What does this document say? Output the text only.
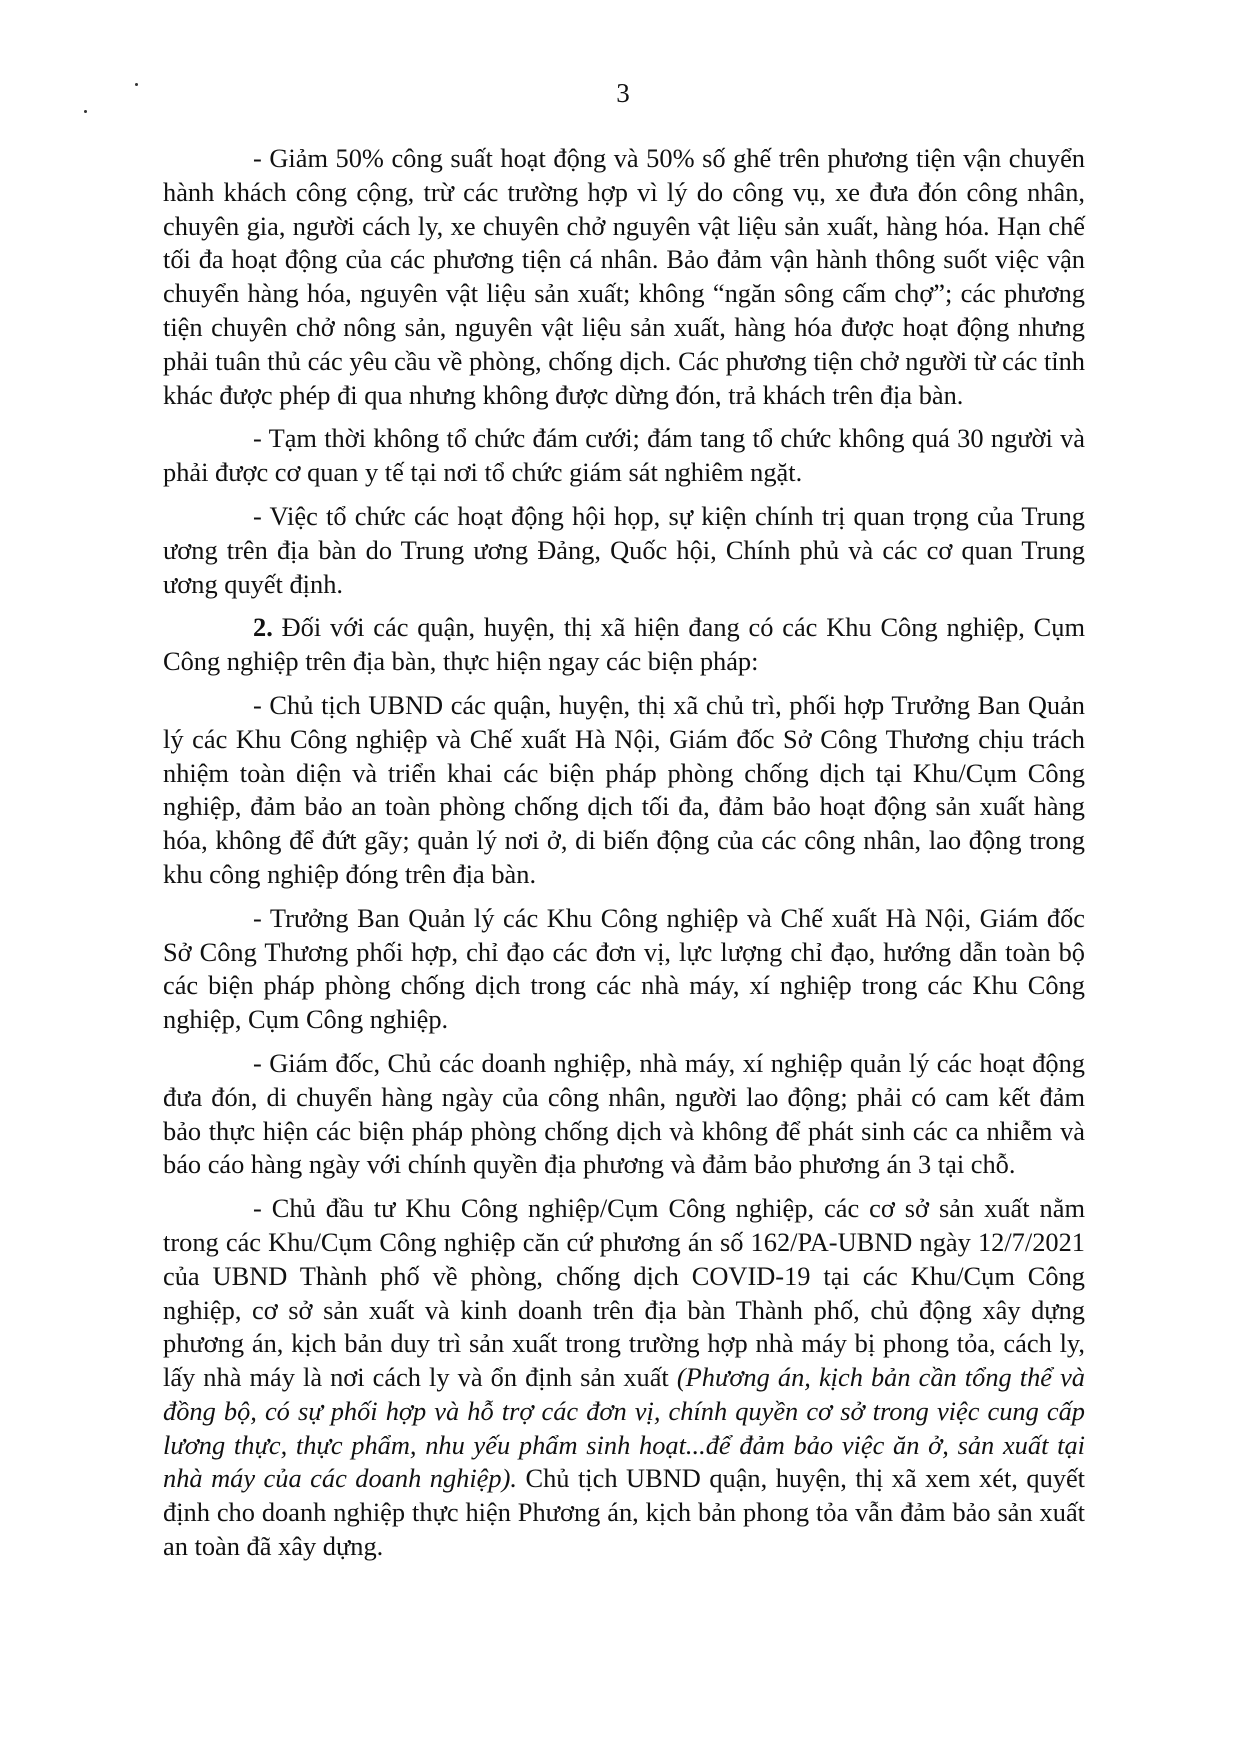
3

- Giảm 50% công suất hoạt động và 50% số ghế trên phương tiện vận chuyển hành khách công cộng, trừ các trường hợp vì lý do công vụ, xe đưa đón công nhân, chuyên gia, người cách ly, xe chuyên chở nguyên vật liệu sản xuất, hàng hóa. Hạn chế tối đa hoạt động của các phương tiện cá nhân. Bảo đảm vận hành thông suốt việc vận chuyển hàng hóa, nguyên vật liệu sản xuất; không “ngăn sông cấm chợ”; các phương tiện chuyên chở nông sản, nguyên vật liệu sản xuất, hàng hóa được hoạt động nhưng phải tuân thủ các yêu cầu về phòng, chống dịch. Các phương tiện chở người từ các tỉnh khác được phép đi qua nhưng không được dừng đón, trả khách trên địa bàn.

- Tạm thời không tổ chức đám cưới; đám tang tổ chức không quá 30 người và phải được cơ quan y tế tại nơi tổ chức giám sát nghiêm ngặt.

- Việc tổ chức các hoạt động hội họp, sự kiện chính trị quan trọng của Trung ương trên địa bàn do Trung ương Đảng, Quốc hội, Chính phủ và các cơ quan Trung ương quyết định.

2. Đối với các quận, huyện, thị xã hiện đang có các Khu Công nghiệp, Cụm Công nghiệp trên địa bàn, thực hiện ngay các biện pháp:

- Chủ tịch UBND các quận, huyện, thị xã chủ trì, phối hợp Trưởng Ban Quản lý các Khu Công nghiệp và Chế xuất Hà Nội, Giám đốc Sở Công Thương chịu trách nhiệm toàn diện và triển khai các biện pháp phòng chống dịch tại Khu/Cụm Công nghiệp, đảm bảo an toàn phòng chống dịch tối đa, đảm bảo hoạt động sản xuất hàng hóa, không để đứt gãy; quản lý nơi ở, di biến động của các công nhân, lao động trong khu công nghiệp đóng trên địa bàn.

- Trưởng Ban Quản lý các Khu Công nghiệp và Chế xuất Hà Nội, Giám đốc Sở Công Thương phối hợp, chỉ đạo các đơn vị, lực lượng chỉ đạo, hướng dẫn toàn bộ các biện pháp phòng chống dịch trong các nhà máy, xí nghiệp trong các Khu Công nghiệp, Cụm Công nghiệp.

- Giám đốc, Chủ các doanh nghiệp, nhà máy, xí nghiệp quản lý các hoạt động đưa đón, di chuyển hàng ngày của công nhân, người lao động; phải có cam kết đảm bảo thực hiện các biện pháp phòng chống dịch và không để phát sinh các ca nhiễm và báo cáo hàng ngày với chính quyền địa phương và đảm bảo phương án 3 tại chỗ.

- Chủ đầu tư Khu Công nghiệp/Cụm Công nghiệp, các cơ sở sản xuất nằm trong các Khu/Cụm Công nghiệp căn cứ phương án số 162/PA-UBND ngày 12/7/2021 của UBND Thành phố về phòng, chống dịch COVID-19 tại các Khu/Cụm Công nghiệp, cơ sở sản xuất và kinh doanh trên địa bàn Thành phố, chủ động xây dựng phương án, kịch bản duy trì sản xuất trong trường hợp nhà máy bị phong tỏa, cách ly, lấy nhà máy là nơi cách ly và ổn định sản xuất (Phương án, kịch bản cần tổng thể và đồng bộ, có sự phối hợp và hỗ trợ các đơn vị, chính quyền cơ sở trong việc cung cấp lương thực, thực phẩm, nhu yếu phẩm sinh hoạt...để đảm bảo việc ăn ở, sản xuất tại nhà máy của các doanh nghiệp). Chủ tịch UBND quận, huyện, thị xã xem xét, quyết định cho doanh nghiệp thực hiện Phương án, kịch bản phong tỏa vẫn đảm bảo sản xuất an toàn đã xây dựng.
